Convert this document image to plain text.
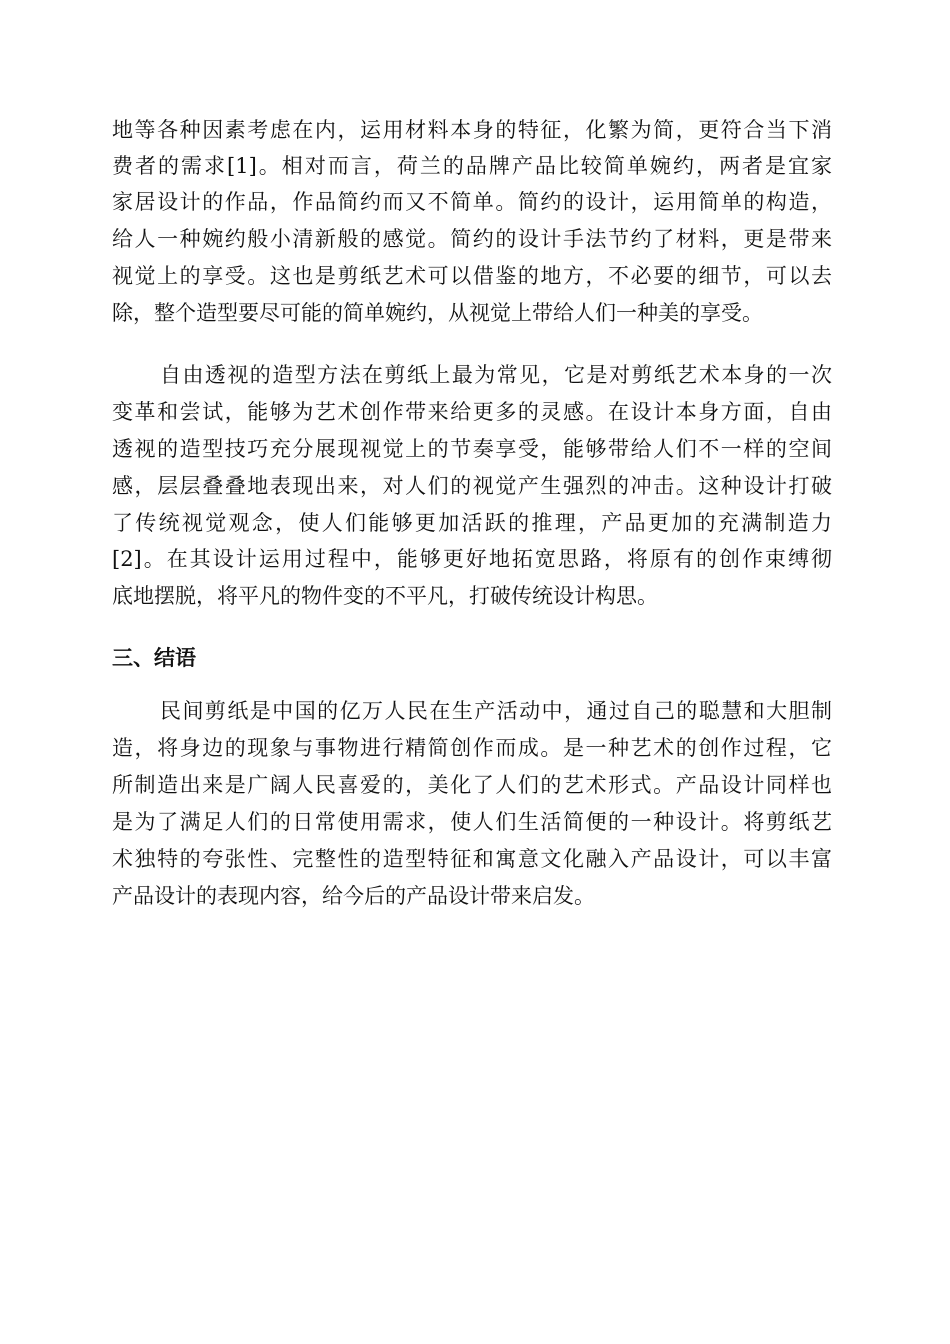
地等各种因素考虑在内，运用材料本身的特征，化繁为简，更符合当下消
费者的需求[1]。相对而言，荷兰的品牌产品比较简单婉约，两者是宜家
家居设计的作品，作品简约而又不简单。简约的设计，运用简单的构造，
给人一种婉约般小清新般的感觉。简约的设计手法节约了材料，更是带来
视觉上的享受。这也是剪纸艺术可以借鉴的地方，不必要的细节，可以去
除，整个造型要尽可能的简单婉约，从视觉上带给人们一种美的享受。
自由透视的造型方法在剪纸上最为常见，它是对剪纸艺术本身的一次
变革和尝试，能够为艺术创作带来给更多的灵感。在设计本身方面，自由
透视的造型技巧充分展现视觉上的节奏享受，能够带给人们不一样的空间
感，层层叠叠地表现出来，对人们的视觉产生强烈的冲击。这种设计打破
了传统视觉观念，使人们能够更加活跃的推理，产品更加的充满制造力
[2]。在其设计运用过程中，能够更好地拓宽思路，将原有的创作束缚彻
底地摆脱，将平凡的物件变的不平凡，打破传统设计构思。
三、结语
民间剪纸是中国的亿万人民在生产活动中，通过自己的聪慧和大胆制
造，将身边的现象与事物进行精简创作而成。是一种艺术的创作过程，它
所制造出来是广阔人民喜爱的，美化了人们的艺术形式。产品设计同样也
是为了满足人们的日常使用需求，使人们生活简便的一种设计。将剪纸艺
术独特的夸张性、完整性的造型特征和寓意文化融入产品设计，可以丰富
产品设计的表现内容，给今后的产品设计带来启发。
